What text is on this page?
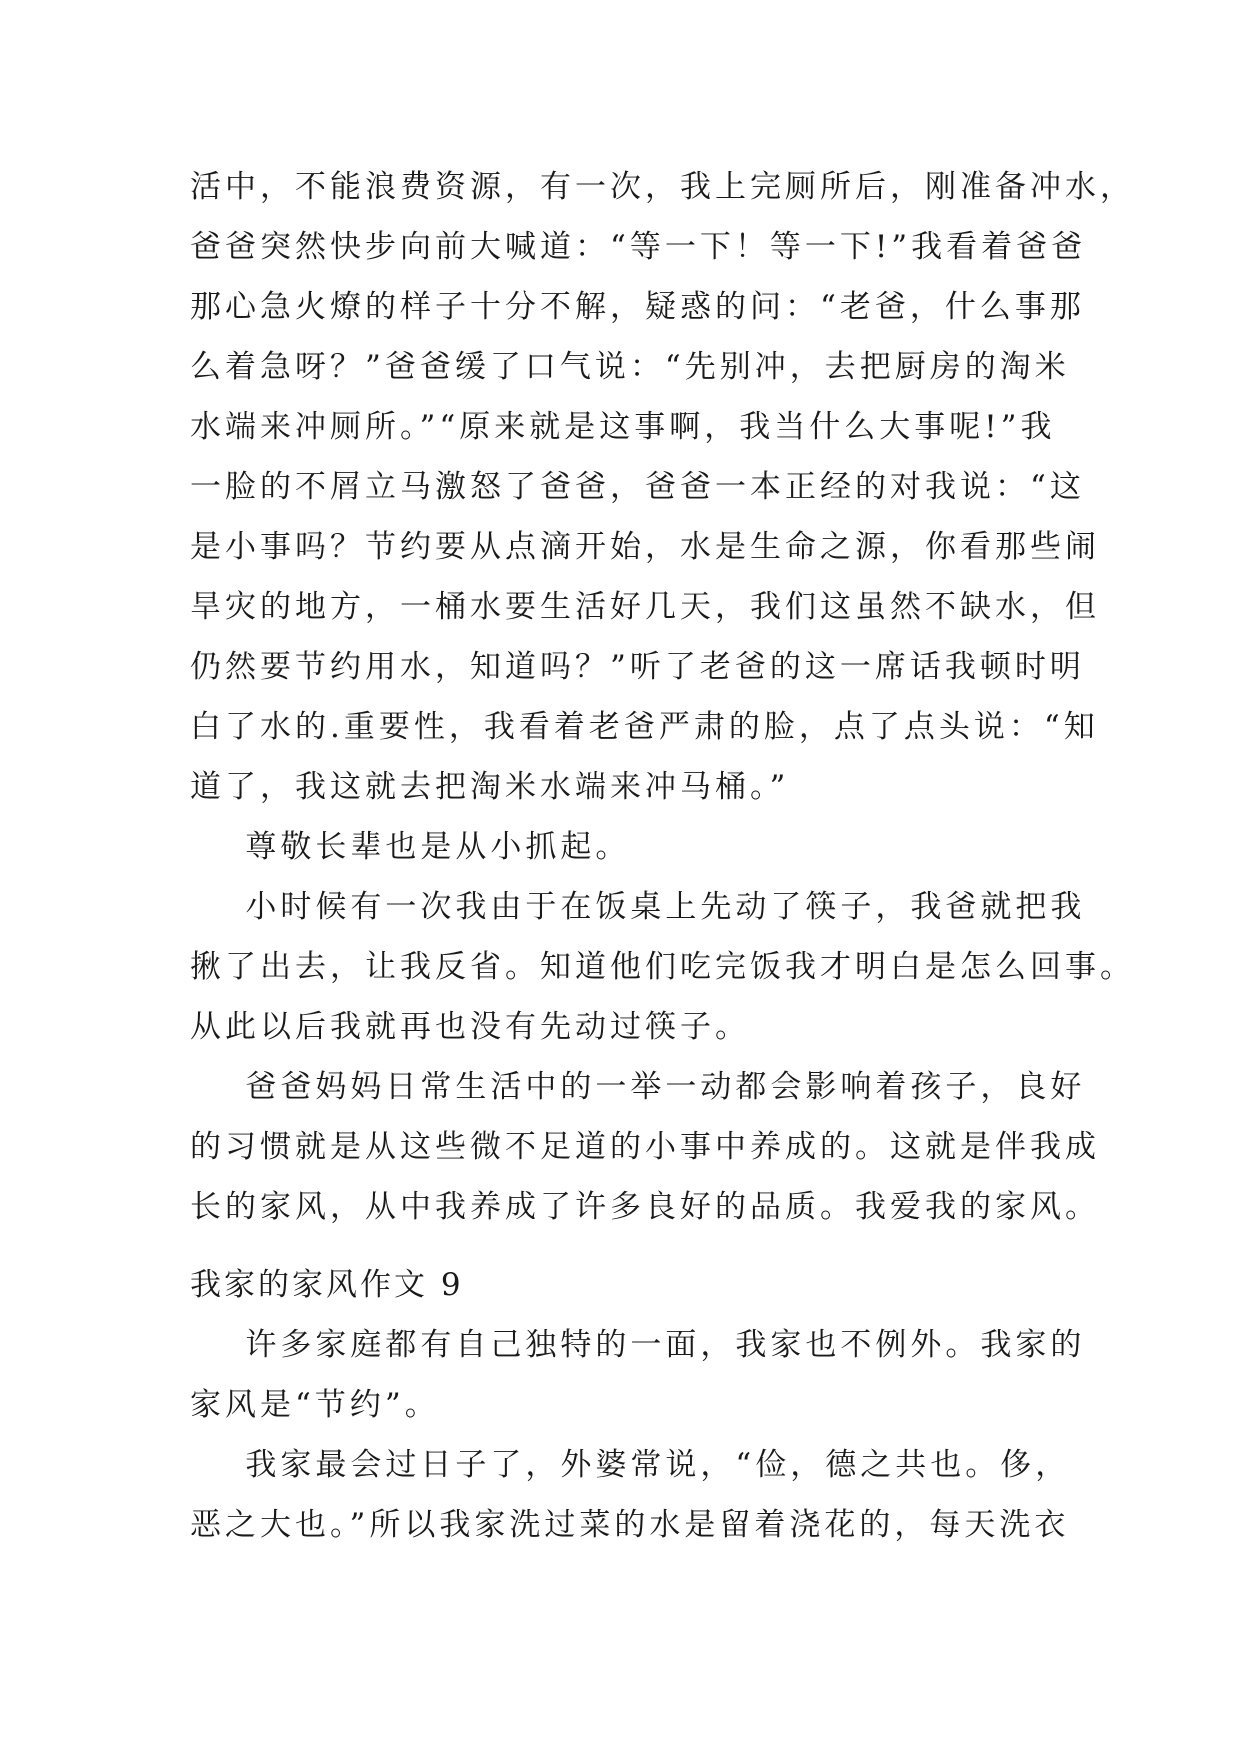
活中，不能浪费资源，有一次，我上完厕所后，刚准备冲水，

爸爸突然快步向前大喊道：“等一下！等一下!”我看着爸爸

那心急火燎的样子十分不解，疑惑的问：“老爸，什么事那

么着急呀？”爸爸缓了口气说：“先别冲，去把厨房的淘米

水端来冲厕所。”“原来就是这事啊，我当什么大事呢!”我

一脸的不屑立马激怒了爸爸，爸爸一本正经的对我说：“这

是小事吗？节约要从点滴开始，水是生命之源，你看那些闹

旱灾的地方，一桶水要生活好几天，我们这虽然不缺水，但

仍然要节约用水，知道吗？”听了老爸的这一席话我顿时明

白了水的.重要性，我看着老爸严肃的脸，点了点头说：“知

道了，我这就去把淘米水端来冲马桶。”

尊敬长辈也是从小抓起。

小时候有一次我由于在饭桌上先动了筷子，我爸就把我

揪了出去，让我反省。知道他们吃完饭我才明白是怎么回事。

从此以后我就再也没有先动过筷子。

爸爸妈妈日常生活中的一举一动都会影响着孩子，良好

的习惯就是从这些微不足道的小事中养成的。这就是伴我成

长的家风，从中我养成了许多良好的品质。我爱我的家风。

我家的家风作文 9

许多家庭都有自己独特的一面，我家也不例外。我家的

家风是“节约”。

我家最会过日子了，外婆常说，“俭，德之共也。侈，

恶之大也。”所以我家洗过菜的水是留着浇花的，每天洗衣
